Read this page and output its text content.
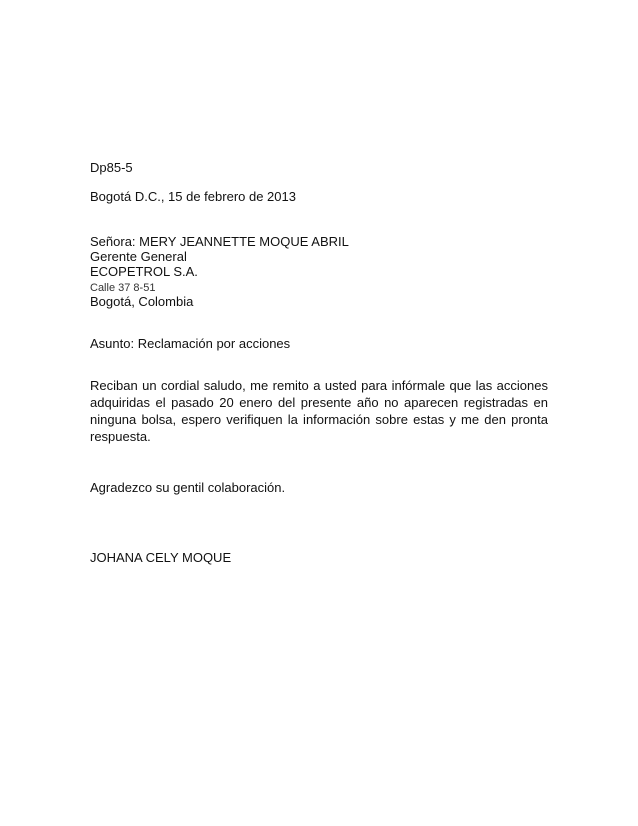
Dp85-5
Bogotá D.C., 15 de febrero de 2013
Señora: MERY JEANNETTE MOQUE ABRIL
Gerente General
ECOPETROL S.A.
Calle 37 8-51
Bogotá, Colombia
Asunto: Reclamación por acciones
Reciban un cordial saludo, me remito a usted para infórmale que las acciones adquiridas el pasado 20 enero del presente año no aparecen registradas en ninguna bolsa, espero verifiquen la información sobre estas y me den pronta respuesta.
Agradezco su gentil colaboración.
JOHANA CELY MOQUE
